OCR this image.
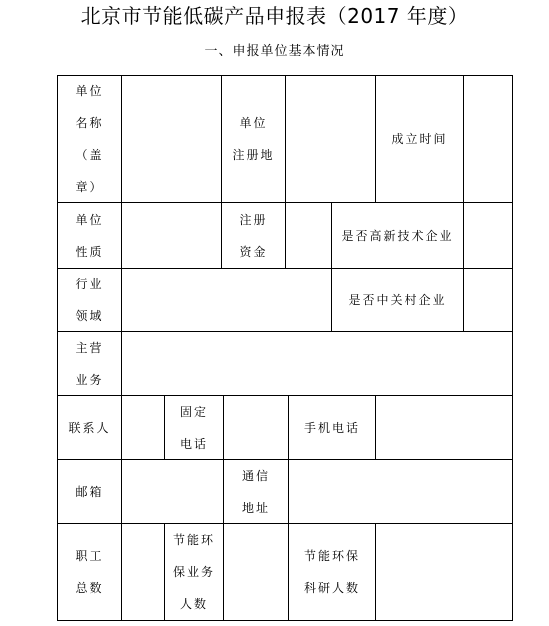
北京市节能低碳产品申报表（2017 年度）
一、申报单位基本情况
单位
名称
（盖
章）
单位
注册地
成立时间
单位
性质
注册
资金
是否高新技术企业
行业
领域
是否中关村企业
主营
业务
联系人
固定
电话
手机电话
邮箱
通信
地址
职工
总数
节能环
保业务
人数
节能环保
科研人数
